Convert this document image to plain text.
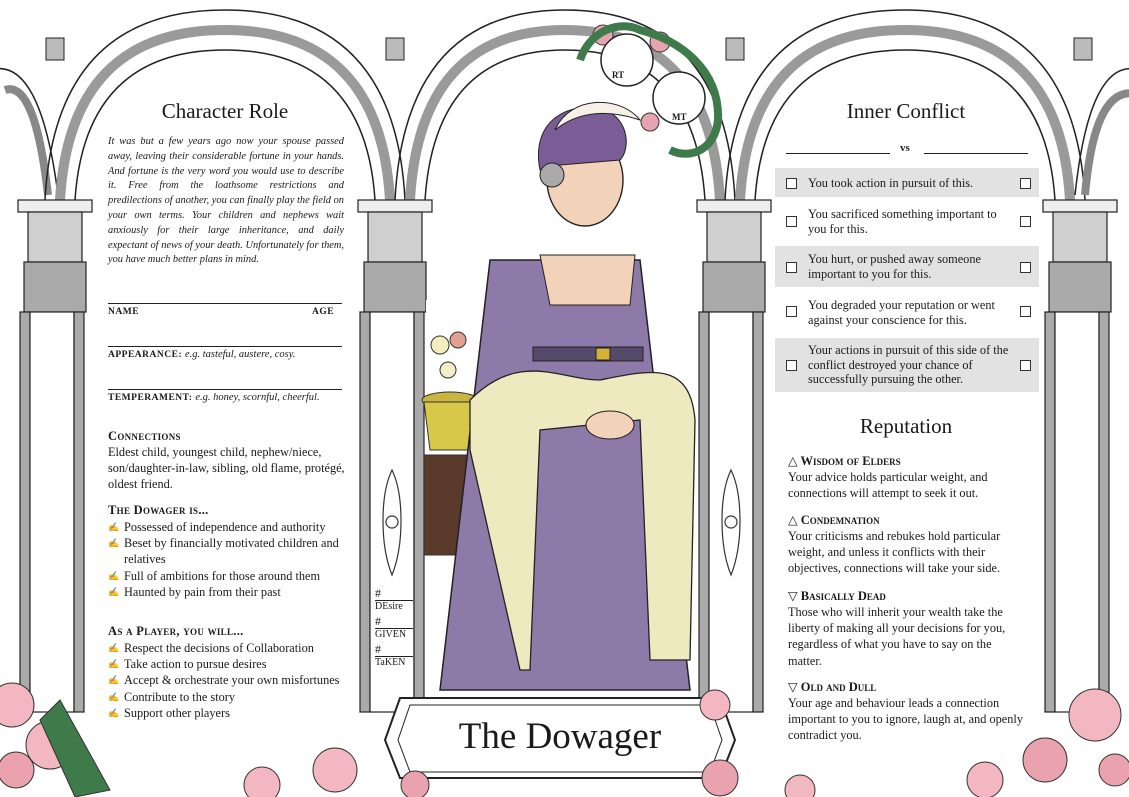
Character Role
It was but a few years ago now your spouse passed away, leaving their considerable fortune in your hands. And fortune is the very word you would use to describe it. Free from the loathsome restrictions and predilections of another, you can finally play the field on your own terms. Your children and nephews wait anxiously for their large inheritance, and daily expectant of news of your death. Unfortunately for them, you have much better plans in mind.
NAME	AGE
APPEARANCE: e.g. tasteful, austere, cosy.
TEMPERAMENT: e.g. honey, scornful, cheerful.
Connections
Eldest child, youngest child, nephew/niece, son/daughter-in-law, sibling, old flame, protégé, oldest friend.
The Dowager is...
✍ Possessed of independence and authority
✍ Beset by financially motivated children and relatives
✍ Full of ambitions for those around them
✍ Haunted by pain from their past
As a Player, you will...
✍ Respect the decisions of Collaboration
✍ Take action to pursue desires
✍ Accept & orchestrate your own misfortunes
✍ Contribute to the story
✍ Support other players
RT
MT
#
DEsire
#
GIVEN
#
TaKEN
The Dowager
Inner Conflict
vs
You took action in pursuit of this.
You sacrificed something important to you for this.
You hurt, or pushed away someone important to you for this.
You degraded your reputation or went against your conscience for this.
Your actions in pursuit of this side of the conflict destroyed your chance of successfully pursuing the other.
Reputation
△ Wisdom of Elders
Your advice holds particular weight, and connections will attempt to seek it out.
△ Condemnation
Your criticisms and rebukes hold particular weight, and unless it conflicts with their objectives, connections will take your side.
▽ Basically Dead
Those who will inherit your wealth take the liberty of making all your decisions for you, regardless of what you have to say on the matter.
▽ Old and Dull
Your age and behaviour leads a connection important to you to ignore, laugh at, and openly contradict you.
